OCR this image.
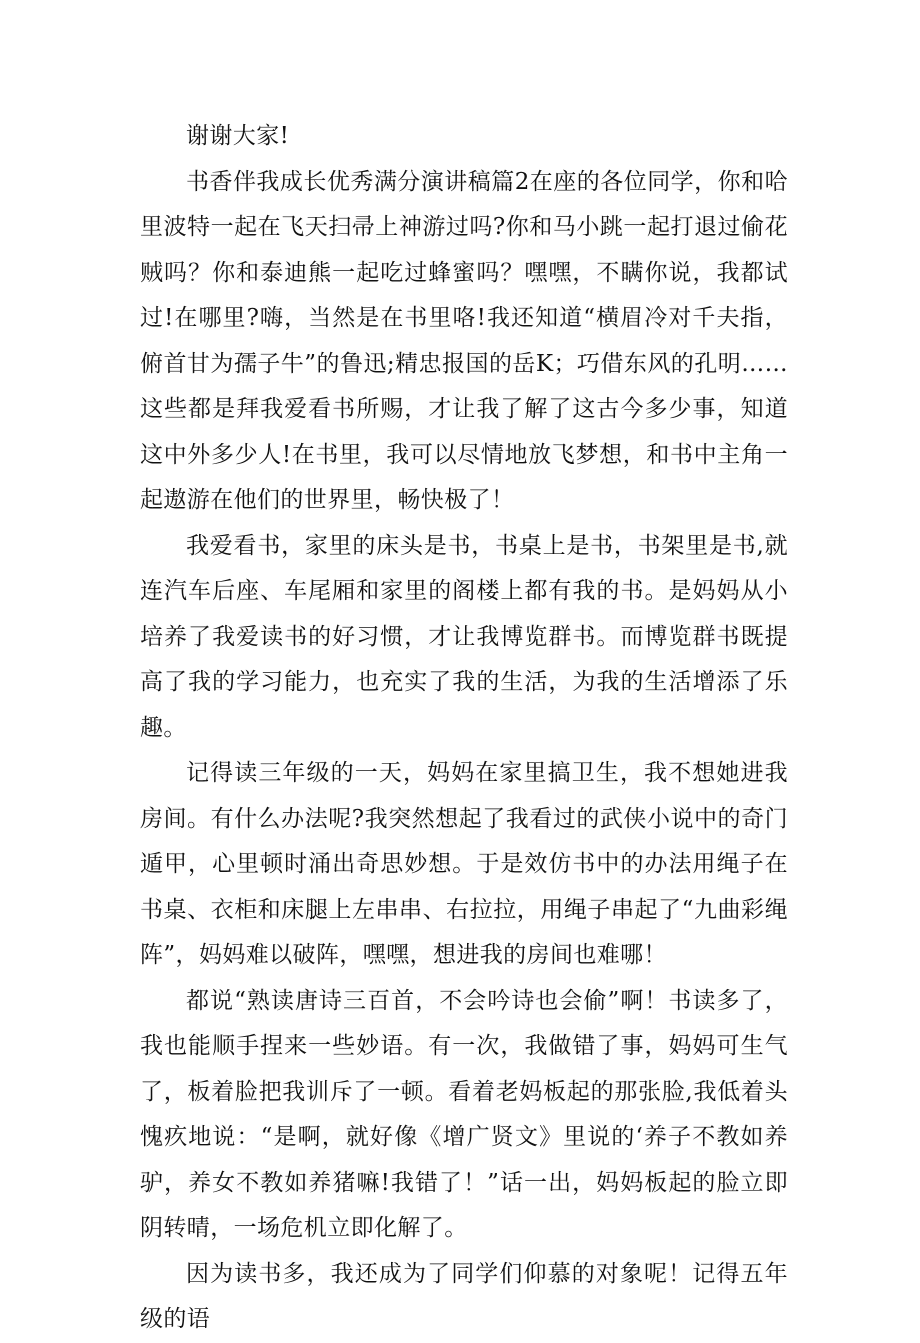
谢谢大家!

书香伴我成长优秀满分演讲稿篇2在座的各位同学，你和哈里波特一起在飞天扫帚上神游过吗?你和马小跳一起打退过偷花贼吗？你和泰迪熊一起吃过蜂蜜吗？嘿嘿，不瞒你说，我都试过!在哪里?嗨，当然是在书里咯!我还知道“横眉冷对千夫指，俯首甘为孺子牛”的鲁迅;精忠报国的岳K；巧借东风的孔明……这些都是拜我爱看书所赐，才让我了解了这古今多少事，知道这中外多少人!在书里，我可以尽情地放飞梦想，和书中主角一起遨游在他们的世界里，畅快极了！

我爱看书，家里的床头是书，书桌上是书，书架里是书,就连汽车后座、车尾厢和家里的阁楼上都有我的书。是妈妈从小培养了我爱读书的好习惯，才让我博览群书。而博览群书既提高了我的学习能力，也充实了我的生活，为我的生活增添了乐趣。

记得读三年级的一天，妈妈在家里搞卫生，我不想她进我房间。有什么办法呢?我突然想起了我看过的武侠小说中的奇门遁甲，心里顿时涌出奇思妙想。于是效仿书中的办法用绳子在书桌、衣柜和床腿上左串串、右拉拉，用绳子串起了“九曲彩绳阵”，妈妈难以破阵，嘿嘿，想进我的房间也难哪！

都说“熟读唐诗三百首，不会吟诗也会偷”啊！书读多了，我也能顺手捏来一些妙语。有一次，我做错了事，妈妈可生气了，板着脸把我训斥了一顿。看着老妈板起的那张脸,我低着头愧疚地说：“是啊，就好像《增广贤文》里说的‘养子不教如养驴，养女不教如养猪嘛!我错了！”话一出，妈妈板起的脸立即阴转晴，一场危机立即化解了。

因为读书多，我还成为了同学们仰慕的对象呢！记得五年级的语
